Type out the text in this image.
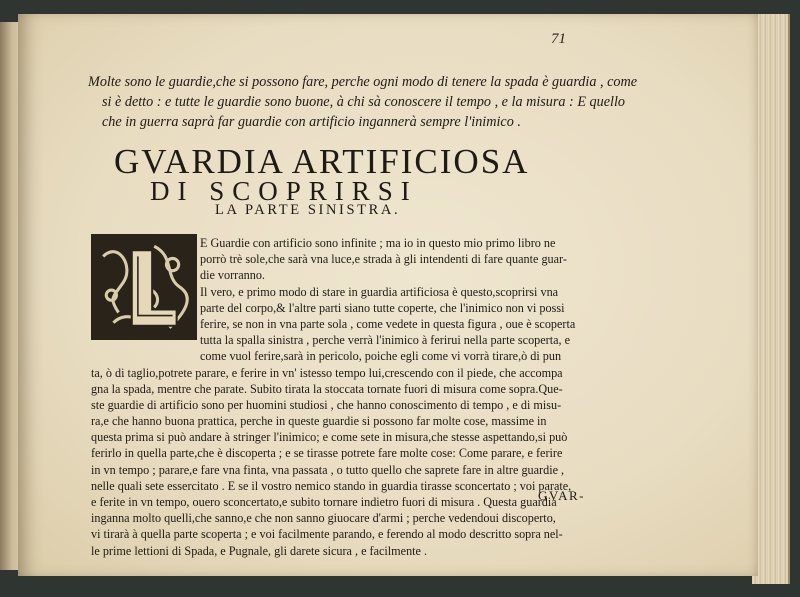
71

Molte sono le guardie,che si possono fare, perche ogni modo di tenere la spada è guardia , come

si è detto : e tutte le guardie sono buone, à chi sà conoscere il tempo , e la misura : E quello

che in guerra saprà far guardie con artificio ingannerà sempre l'inimico .

GVARDIA ARTIFICIOSA
DI SCOPRIRSI
LA PARTE SINISTRA.
E Guardie con artificio sono infinite ; ma io in questo mio primo libro ne
porrò trè sole,che sarà vna luce,e strada à gli intendenti di fare quante guar-
die vorranno.
Il vero, e primo modo di stare in guardia artificiosa è questo,scoprirsi vna
parte del corpo,& l'altre parti siano tutte coperte, che l'inimico non vi possi
ferire, se non in vna parte sola , come vedete in questa figura , oue è scoperta
tutta la spalla sinistra , perche verrà l'inimico à ferirui nella parte scoperta, e
come vuol ferire,sarà in pericolo, poiche egli come vi vorrà tirare,ò di pun
ta, ò di taglio,potrete parare, e ferire in vn' istesso tempo lui,crescendo con il piede, che accompa
gna la spada, mentre che parate. Subito tirata la stoccata tornate fuori di misura come sopra.Que-
ste guardie di artificio sono per huomini studiosi , che hanno conoscimento di tempo , e di misu-
ra,e che hanno buona prattica, perche in queste guardie si possono far molte cose, massime in
questa prima si può andare à stringer l'inimico; e come sete in misura,che stesse aspettando,si può
ferirlo in quella parte,che è discoperta ; e se tirasse potrete fare molte cose: Come parare, e ferire
in vn tempo ; parare,e fare vna finta, vna passata , o tutto quello che saprete fare in altre guardie ,
nelle quali sete essercitato . E se il vostro nemico stando in guardia tirasse sconcertato ; voi parate,
e ferite in vn tempo, ouero sconcertato,e subito tornare indietro fuori di misura . Questa guardia
inganna molto quelli,che sanno,e che non sanno giuocare d'armi ; perche vedendoui discoperto,
vi tirarà à quella parte scoperta ; e voi facilmente parando, e ferendo al modo descritto sopra nel-
le prime lettioni di Spada, e Pugnale, gli darete sicura , e facilmente .
GVAR-
